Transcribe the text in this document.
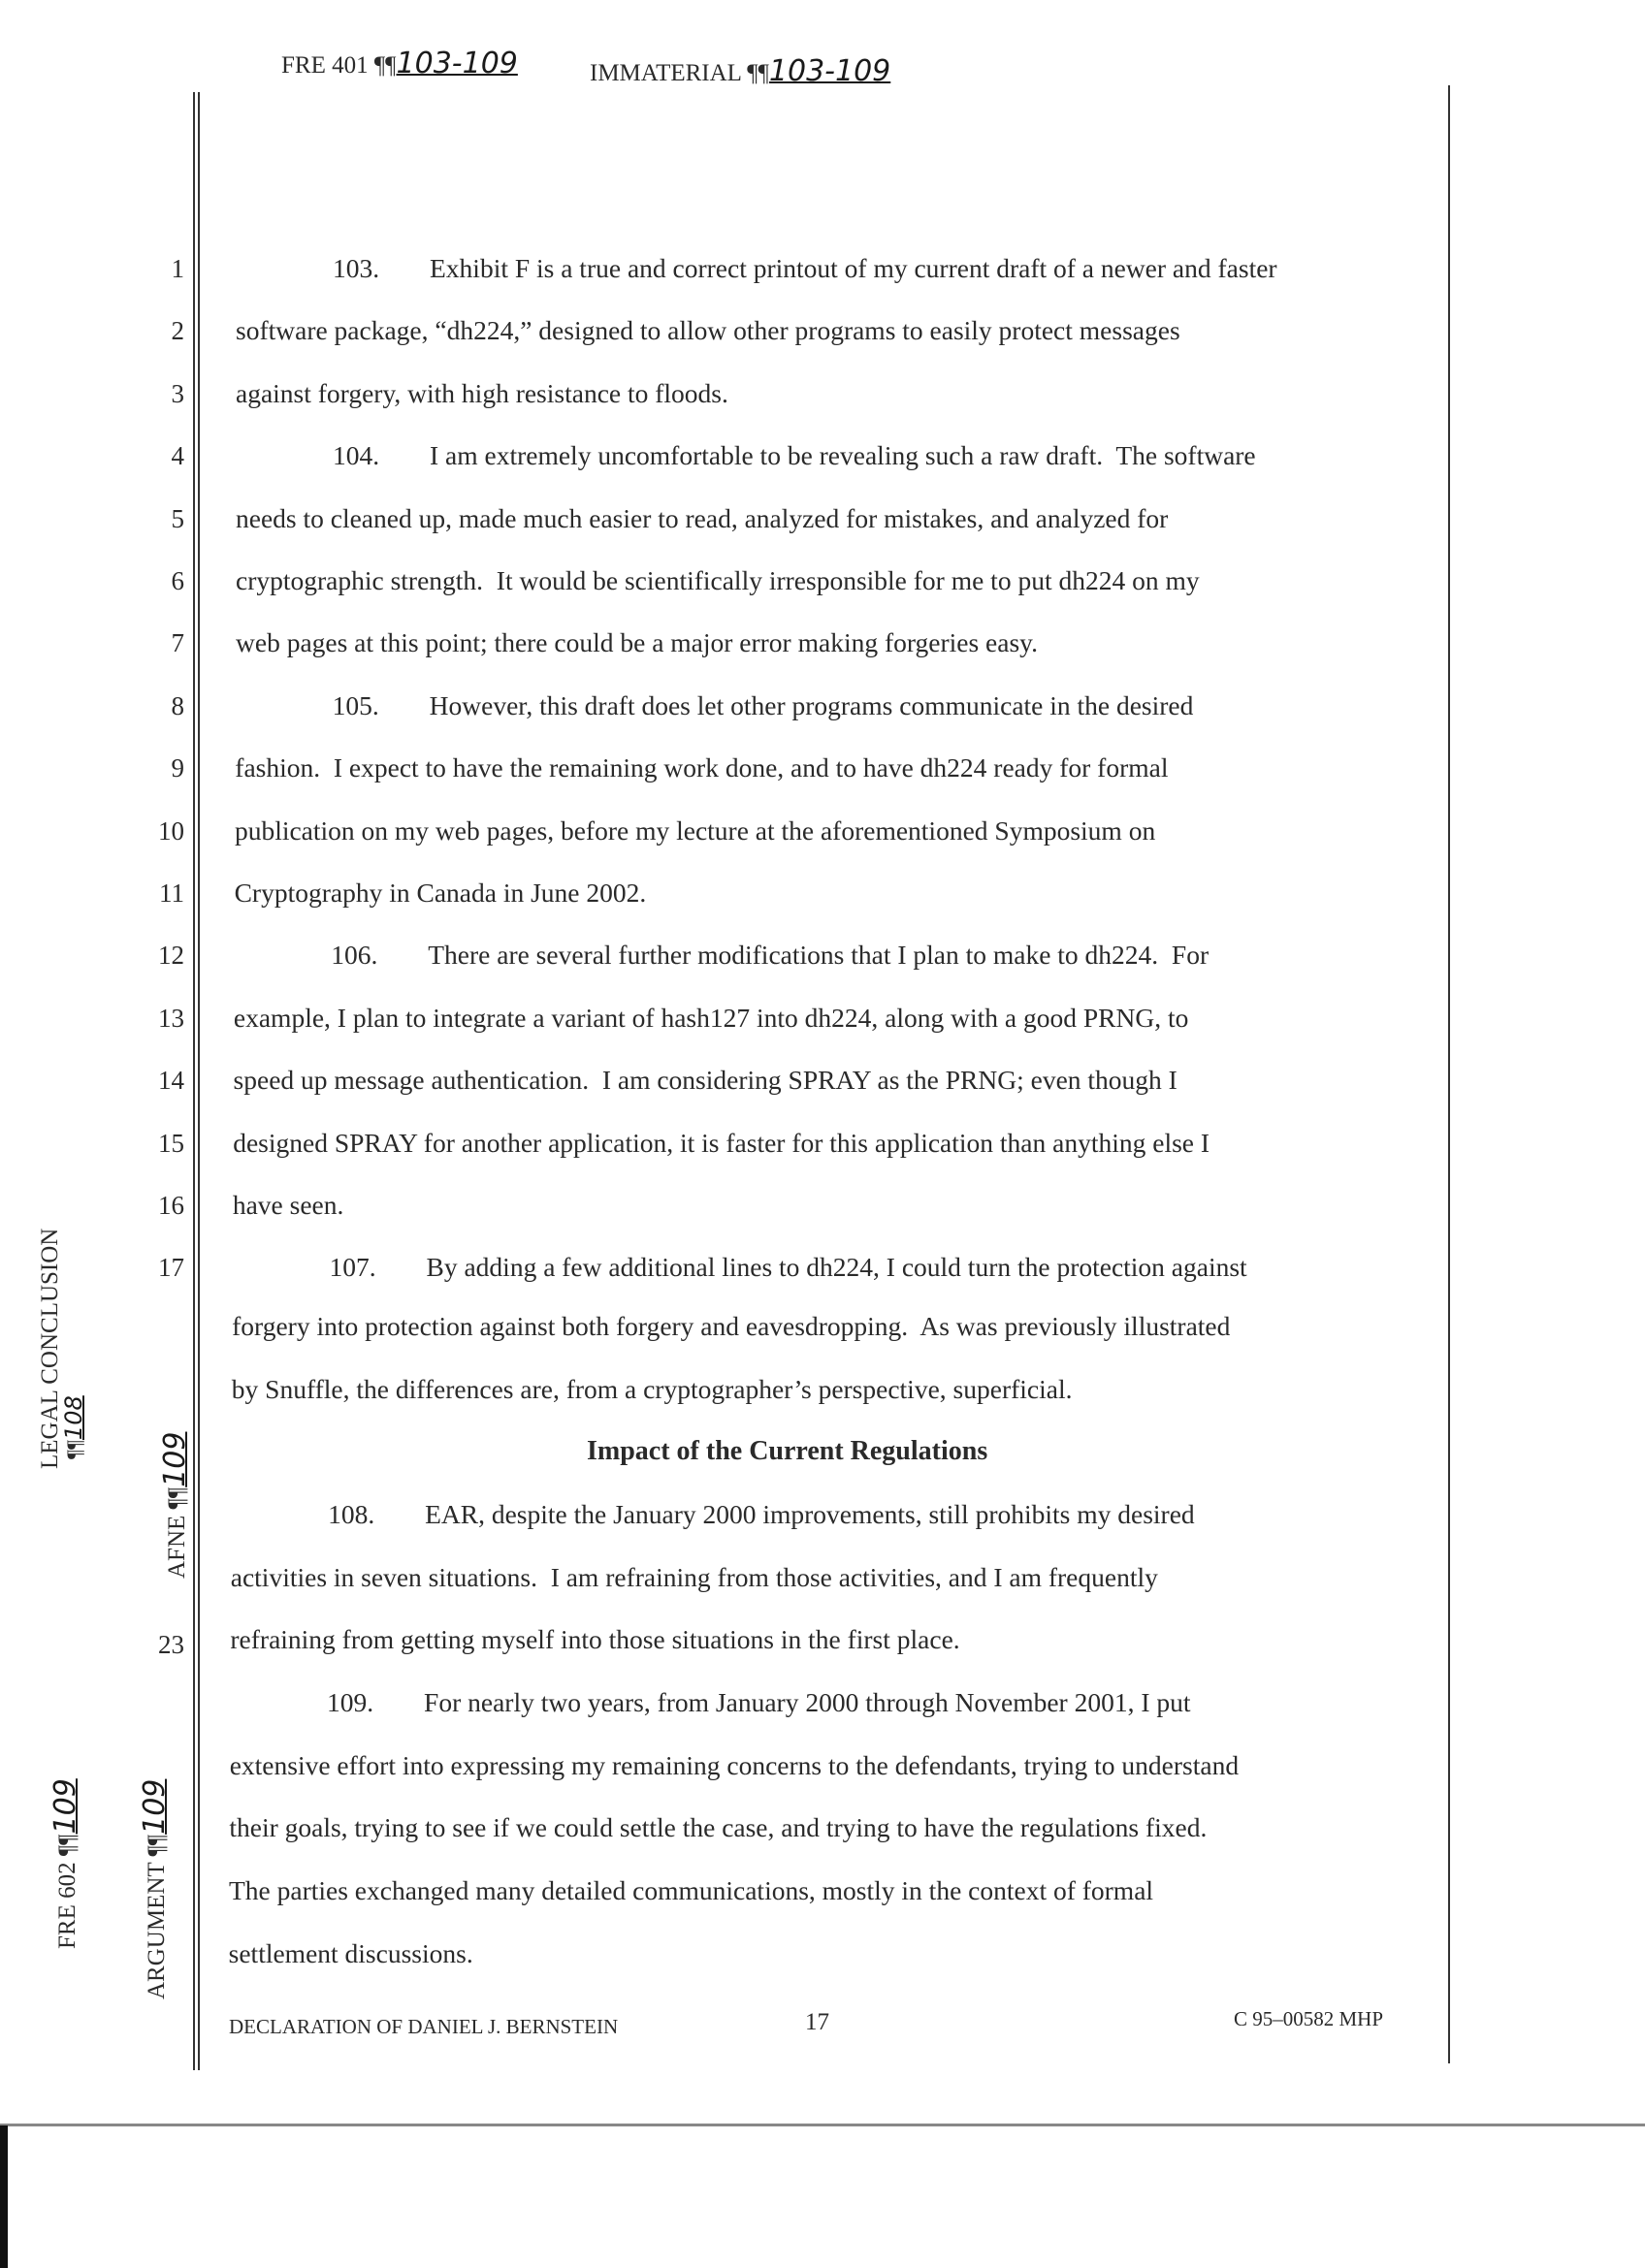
FRE 401 ¶¶103-109	IMMATERIAL ¶¶103-109
1
2
3
4
5
6
7
8
9
10
11
12
13
14
15
16
17
23
103. Exhibit F is a true and correct printout of my current draft of a newer and faster
software package, “dh224,” designed to allow other programs to easily protect messages
against forgery, with high resistance to floods.
104. I am extremely uncomfortable to be revealing such a raw draft.  The software
needs to cleaned up, made much easier to read, analyzed for mistakes, and analyzed for
cryptographic strength.  It would be scientifically irresponsible for me to put dh224 on my
web pages at this point; there could be a major error making forgeries easy.
105. However, this draft does let other programs communicate in the desired
fashion.  I expect to have the remaining work done, and to have dh224 ready for formal
publication on my web pages, before my lecture at the aforementioned Symposium on
Cryptography in Canada in June 2002.
106. There are several further modifications that I plan to make to dh224.  For
example, I plan to integrate a variant of hash127 into dh224, along with a good PRNG, to
speed up message authentication.  I am considering SPRAY as the PRNG; even though I
designed SPRAY for another application, it is faster for this application than anything else I
have seen.
107. By adding a few additional lines to dh224, I could turn the protection against
forgery into protection against both forgery and eavesdropping.  As was previously illustrated
by Snuffle, the differences are, from a cryptographer’s perspective, superficial.
Impact of the Current Regulations
108. EAR, despite the January 2000 improvements, still prohibits my desired
activities in seven situations.  I am refraining from those activities, and I am frequently
refraining from getting myself into those situations in the first place.
109. For nearly two years, from January 2000 through November 2001, I put
extensive effort into expressing my remaining concerns to the defendants, trying to understand
their goals, trying to see if we could settle the case, and trying to have the regulations fixed.
The parties exchanged many detailed communications, mostly in the context of formal
settlement discussions.
LEGAL CONCLUSION ¶¶108
AFNE ¶¶109
FRE 602 ¶¶109
ARGUMENT ¶¶109
DECLARATION OF DANIEL J. BERNSTEIN	17	C 95–00582 MHP
